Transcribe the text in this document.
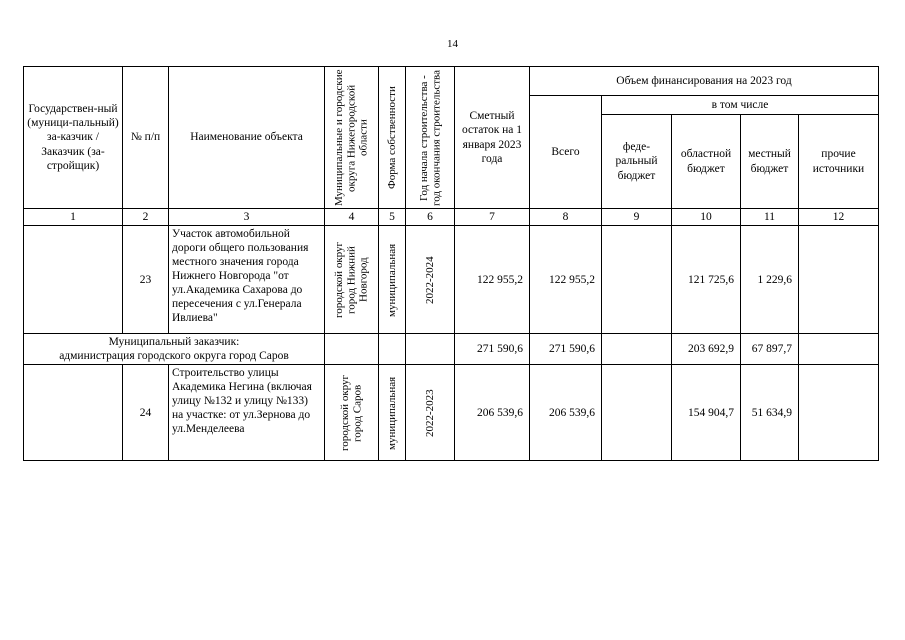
14
Государствен-ный (муници-пальный) за-казчик / Заказчик (за-стройщик)	№ п/п	Наименование объекта	Муниципальные и городские округа Нижегородской области	Форма собственности	Год начала строительства - год окончания строительства	Сметный остаток на 1 января 2023 года	Объем финансирования на 2023 год				
							Всего	в том числе			
								феде-ральный бюджет	областной бюджет	местный бюджет	прочие источники
1	2	3	4	5	6	7	8	9	10	11	12
	23	Участок автомобильной дороги общего пользования местного значения города Нижнего Новгорода "от ул.Академика Сахарова до пересечения с ул.Генерала Ивлиева"	городской округ город Нижний Новгород	муниципальная	2022-2024	122 955,2	122 955,2		121 725,6	1 229,6	

Муниципальный заказчик:
администрация городского округа город Саров						271 590,6	271 590,6		203 692,9	67 897,7	
	24	Строительство улицы Академика Негина (включая улицу №132 и улицу №133) на участке: от ул.Зернова до ул.Менделеева	городской округ город Саров	муниципальная	2022-2023	206 539,6	206 539,6		154 904,7	51 634,9	
